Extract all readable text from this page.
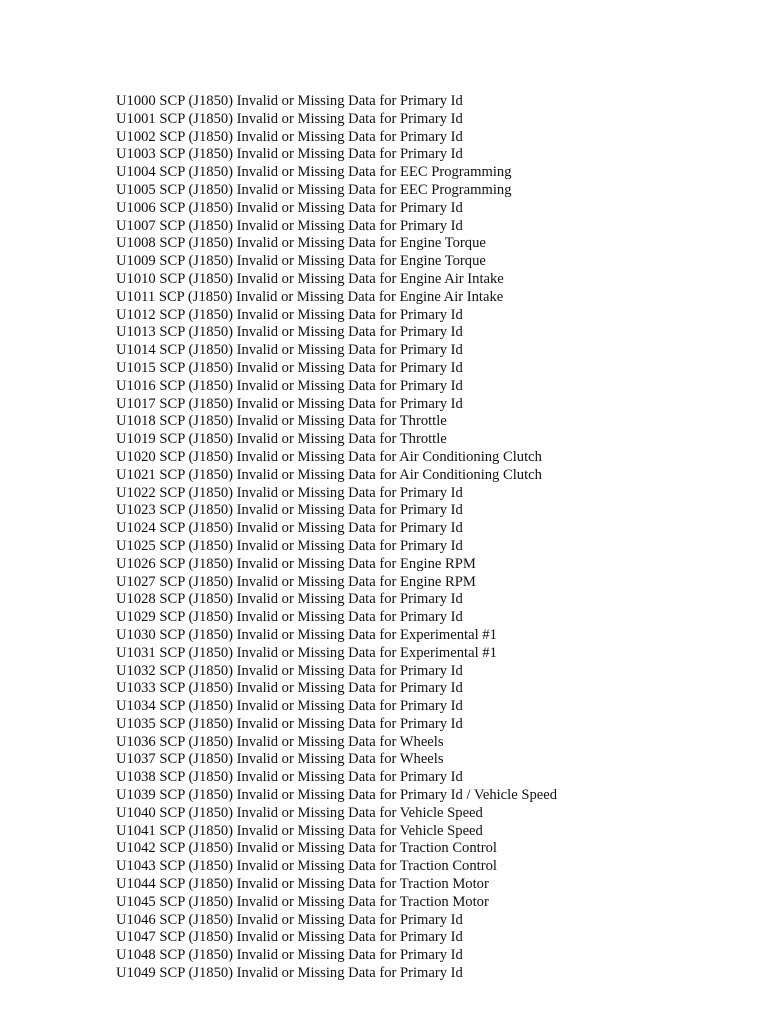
U1000 SCP (J1850) Invalid or Missing Data for Primary Id
U1001 SCP (J1850) Invalid or Missing Data for Primary Id
U1002 SCP (J1850) Invalid or Missing Data for Primary Id
U1003 SCP (J1850) Invalid or Missing Data for Primary Id
U1004 SCP (J1850) Invalid or Missing Data for EEC Programming
U1005 SCP (J1850) Invalid or Missing Data for EEC Programming
U1006 SCP (J1850) Invalid or Missing Data for Primary Id
U1007 SCP (J1850) Invalid or Missing Data for Primary Id
U1008 SCP (J1850) Invalid or Missing Data for Engine Torque
U1009 SCP (J1850) Invalid or Missing Data for Engine Torque
U1010 SCP (J1850) Invalid or Missing Data for Engine Air Intake
U1011 SCP (J1850) Invalid or Missing Data for Engine Air Intake
U1012 SCP (J1850) Invalid or Missing Data for Primary Id
U1013 SCP (J1850) Invalid or Missing Data for Primary Id
U1014 SCP (J1850) Invalid or Missing Data for Primary Id
U1015 SCP (J1850) Invalid or Missing Data for Primary Id
U1016 SCP (J1850) Invalid or Missing Data for Primary Id
U1017 SCP (J1850) Invalid or Missing Data for Primary Id
U1018 SCP (J1850) Invalid or Missing Data for Throttle
U1019 SCP (J1850) Invalid or Missing Data for Throttle
U1020 SCP (J1850) Invalid or Missing Data for Air Conditioning Clutch
U1021 SCP (J1850) Invalid or Missing Data for Air Conditioning Clutch
U1022 SCP (J1850) Invalid or Missing Data for Primary Id
U1023 SCP (J1850) Invalid or Missing Data for Primary Id
U1024 SCP (J1850) Invalid or Missing Data for Primary Id
U1025 SCP (J1850) Invalid or Missing Data for Primary Id
U1026 SCP (J1850) Invalid or Missing Data for Engine RPM
U1027 SCP (J1850) Invalid or Missing Data for Engine RPM
U1028 SCP (J1850) Invalid or Missing Data for Primary Id
U1029 SCP (J1850) Invalid or Missing Data for Primary Id
U1030 SCP (J1850) Invalid or Missing Data for Experimental #1
U1031 SCP (J1850) Invalid or Missing Data for Experimental #1
U1032 SCP (J1850) Invalid or Missing Data for Primary Id
U1033 SCP (J1850) Invalid or Missing Data for Primary Id
U1034 SCP (J1850) Invalid or Missing Data for Primary Id
U1035 SCP (J1850) Invalid or Missing Data for Primary Id
U1036 SCP (J1850) Invalid or Missing Data for Wheels
U1037 SCP (J1850) Invalid or Missing Data for Wheels
U1038 SCP (J1850) Invalid or Missing Data for Primary Id
U1039 SCP (J1850) Invalid or Missing Data for Primary Id / Vehicle Speed
U1040 SCP (J1850) Invalid or Missing Data for Vehicle Speed
U1041 SCP (J1850) Invalid or Missing Data for Vehicle Speed
U1042 SCP (J1850) Invalid or Missing Data for Traction Control
U1043 SCP (J1850) Invalid or Missing Data for Traction Control
U1044 SCP (J1850) Invalid or Missing Data for Traction Motor
U1045 SCP (J1850) Invalid or Missing Data for Traction Motor
U1046 SCP (J1850) Invalid or Missing Data for Primary Id
U1047 SCP (J1850) Invalid or Missing Data for Primary Id
U1048 SCP (J1850) Invalid or Missing Data for Primary Id
U1049 SCP (J1850) Invalid or Missing Data for Primary Id
